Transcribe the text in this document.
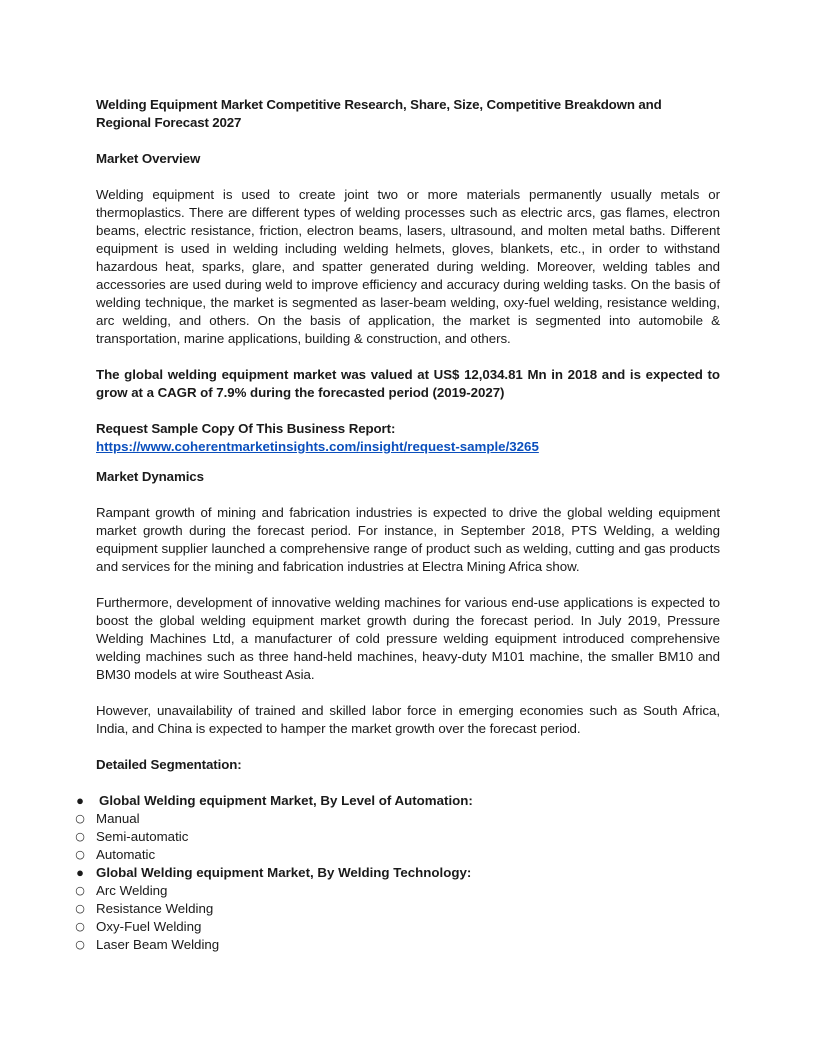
Welding Equipment Market Competitive Research, Share, Size, Competitive Breakdown and Regional Forecast 2027

Market Overview

Welding equipment is used to create joint two or more materials permanently usually metals or thermoplastics. There are different types of welding processes such as electric arcs, gas flames, electron beams, electric resistance, friction, electron beams, lasers, ultrasound, and molten metal baths. Different equipment is used in welding including welding helmets, gloves, blankets, etc., in order to withstand hazardous heat, sparks, glare, and spatter generated during welding. Moreover, welding tables and accessories are used during weld to improve efficiency and accuracy during welding tasks. On the basis of welding technique, the market is segmented as laser-beam welding, oxy-fuel welding, resistance welding, arc welding, and others. On the basis of application, the market is segmented into automobile & transportation, marine applications, building & construction, and others.

The global welding equipment market was valued at US$ 12,034.81 Mn in 2018 and is expected to grow at a CAGR of 7.9% during the forecasted period (2019-2027)

Request Sample Copy Of This Business Report:

https://www.coherentmarketinsights.com/insight/request-sample/3265

Market Dynamics

Rampant growth of mining and fabrication industries is expected to drive the global welding equipment market growth during the forecast period. For instance, in September 2018, PTS Welding, a welding equipment supplier launched a comprehensive range of product such as welding, cutting and gas products and services for the mining and fabrication industries at Electra Mining Africa show.

Furthermore, development of innovative welding machines for various end-use applications is expected to boost the global welding equipment market growth during the forecast period. In July 2019, Pressure Welding Machines Ltd, a manufacturer of cold pressure welding equipment introduced comprehensive welding machines such as three hand-held machines, heavy-duty M101 machine, the smaller BM10 and BM30 models at wire Southeast Asia.

However, unavailability of trained and skilled labor force in emerging economies such as South Africa, India, and China is expected to hamper the market growth over the forecast period.

Detailed Segmentation:

●	Global Welding equipment Market, By Level of Automation:
○ Manual
○ Semi-automatic
○ Automatic
● Global Welding equipment Market, By Welding Technology:
○ Arc Welding
○ Resistance Welding
○ Oxy-Fuel Welding
○ Laser Beam Welding
